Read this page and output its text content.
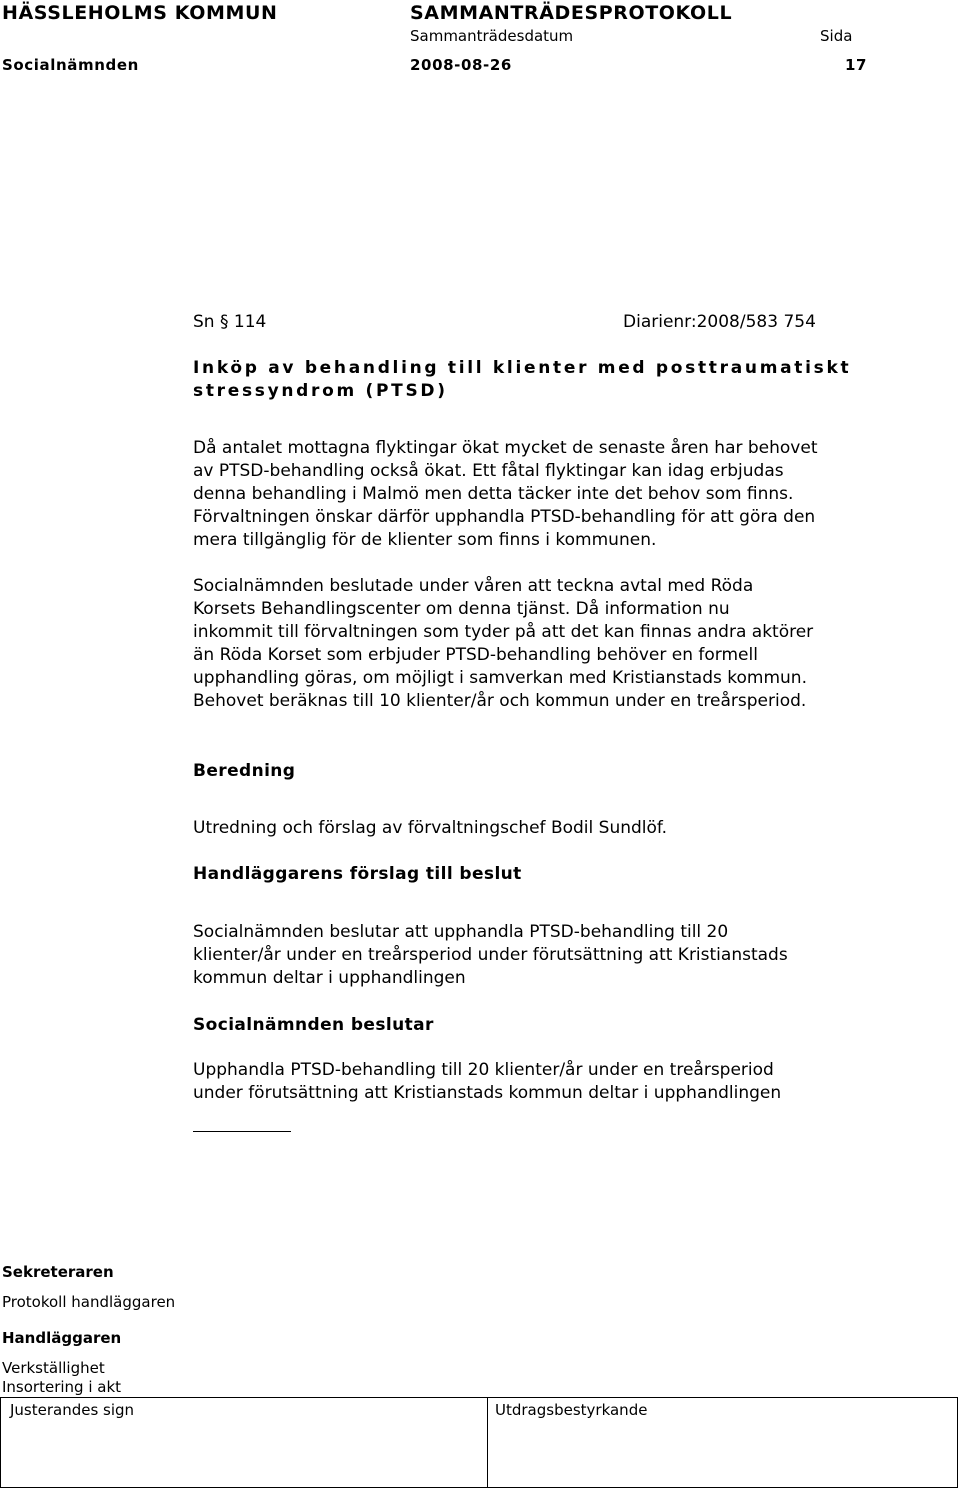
HÄSSLEHOLMS KOMMUN	SAMMANTRÄDESPROTOKOLL
Sammanträdesdatum	Sida
Socialnämnden	2008-08-26	17
Sn § 114	Diarienr:2008/583 754
Inköp av behandling till klienter med posttraumatiskt
stressyndrom (PTSD)
Då antalet mottagna flyktingar ökat mycket de senaste åren har behovet
av PTSD-behandling också ökat. Ett fåtal flyktingar kan idag erbjudas
denna behandling i Malmö men detta täcker inte det behov som finns.
Förvaltningen önskar därför upphandla PTSD-behandling för att göra den
mera tillgänglig för de klienter som finns i kommunen.
Socialnämnden beslutade under våren att teckna avtal med Röda
Korsets Behandlingscenter om denna tjänst. Då information nu
inkommit till förvaltningen som tyder på att det kan finnas andra aktörer
än Röda Korset som erbjuder PTSD-behandling behöver en formell
upphandling göras, om möjligt i samverkan med Kristianstads kommun.
Behovet beräknas till 10 klienter/år och kommun under en treårsperiod.
Beredning
Utredning och förslag av förvaltningschef Bodil Sundlöf.
Handläggarens förslag till beslut
Socialnämnden beslutar att upphandla PTSD-behandling till 20
klienter/år under en treårsperiod under förutsättning att Kristianstads
kommun deltar i upphandlingen
Socialnämnden beslutar
Upphandla PTSD-behandling till 20 klienter/år under en treårsperiod
under förutsättning att Kristianstads kommun deltar i upphandlingen
Sekreteraren
Protokoll handläggaren
Handläggaren
Verkställighet
Insortering i akt
Justerandes sign	Utdragsbestyrkande
